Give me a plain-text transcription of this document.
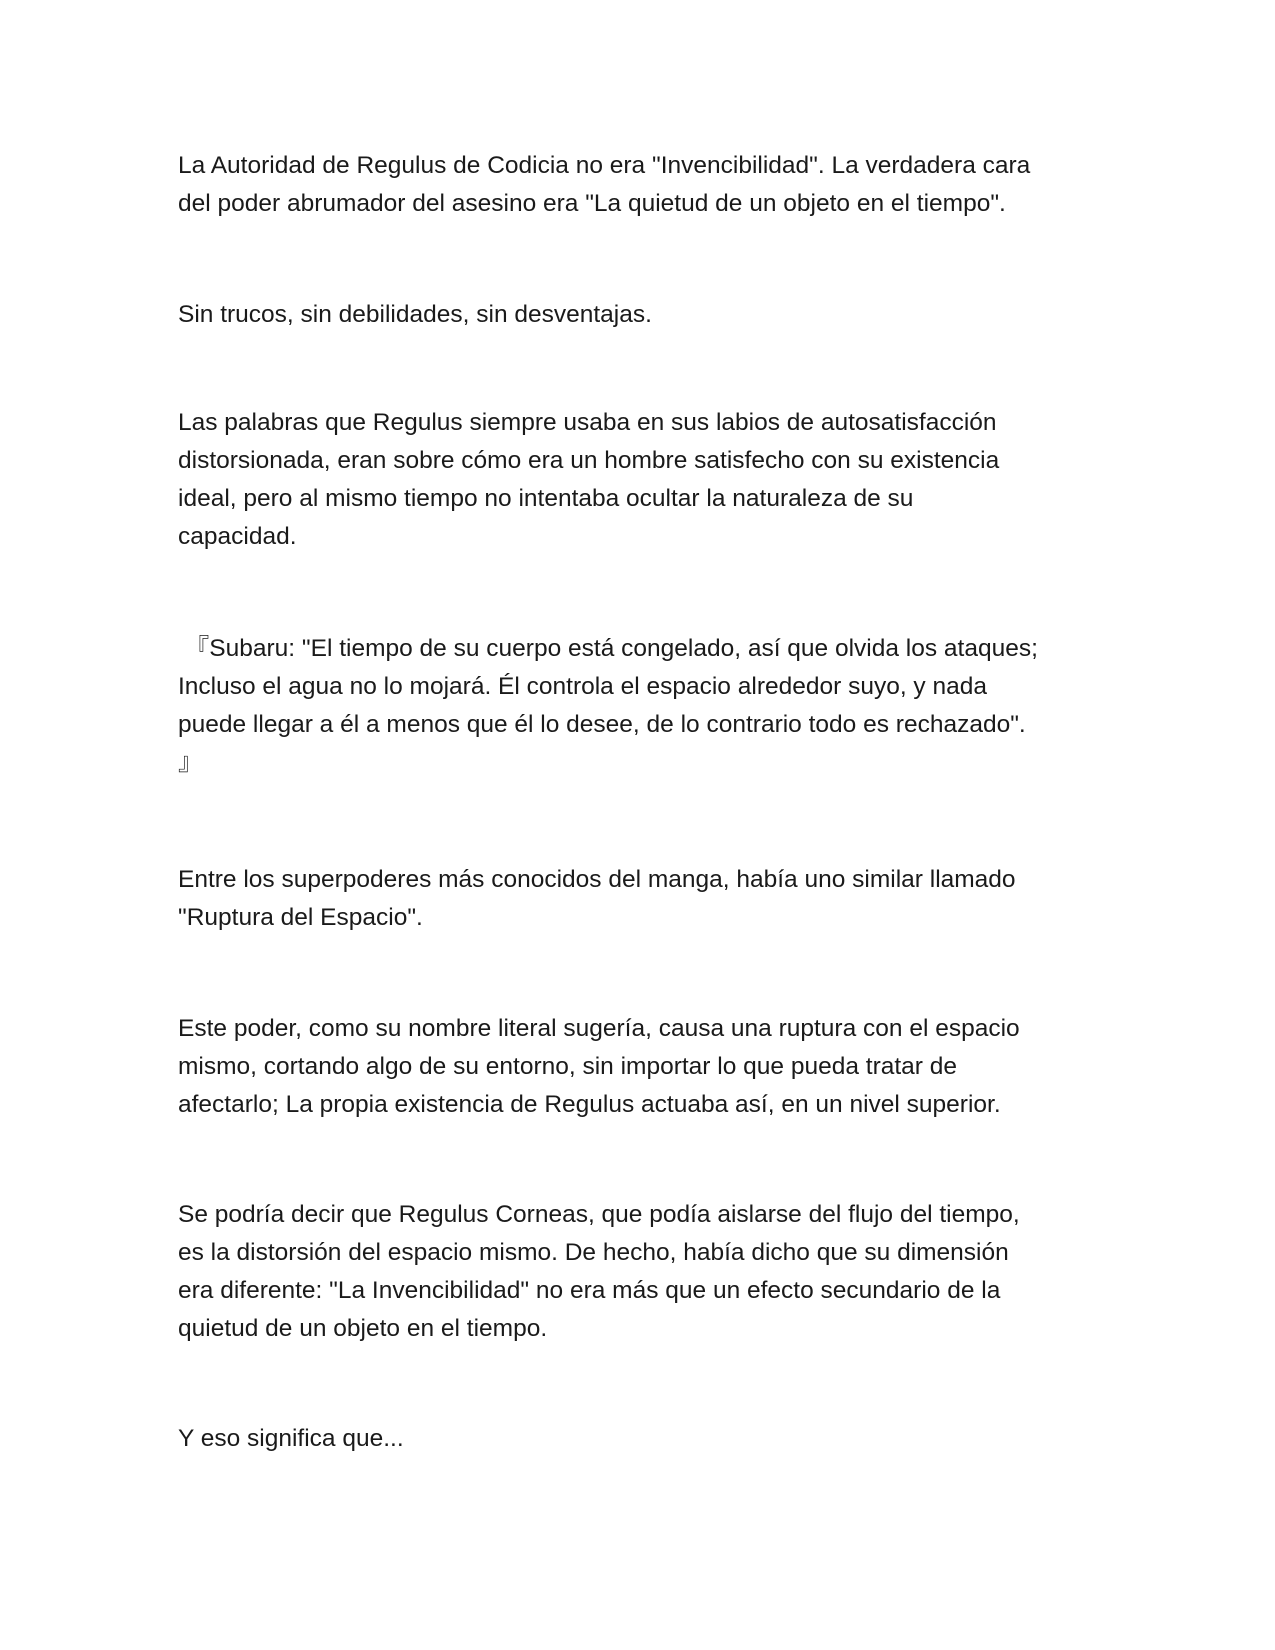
La Autoridad de Regulus de Codicia no era "Invencibilidad". La verdadera cara
del poder abrumador del asesino era "La quietud de un objeto en el tiempo".

Sin trucos, sin debilidades, sin desventajas.

Las palabras que Regulus siempre usaba en sus labios de autosatisfacción
distorsionada, eran sobre cómo era un hombre satisfecho con su existencia
ideal, pero al mismo tiempo no intentaba ocultar la naturaleza de su
capacidad.

『Subaru: "El tiempo de su cuerpo está congelado, así que olvida los ataques;
Incluso el agua no lo mojará. Él controla el espacio alrededor suyo, y nada
puede llegar a él a menos que él lo desee, de lo contrario todo es rechazado".
』

Entre los superpoderes más conocidos del manga, había uno similar llamado
"Ruptura del Espacio".

Este poder, como su nombre literal sugería, causa una ruptura con el espacio
mismo, cortando algo de su entorno, sin importar lo que pueda tratar de
afectarlo; La propia existencia de Regulus actuaba así, en un nivel superior.

Se podría decir que Regulus Corneas, que podía aislarse del flujo del tiempo,
es la distorsión del espacio mismo. De hecho, había dicho que su dimensión
era diferente: "La Invencibilidad" no era más que un efecto secundario de la
quietud de un objeto en el tiempo.

Y eso significa que...
